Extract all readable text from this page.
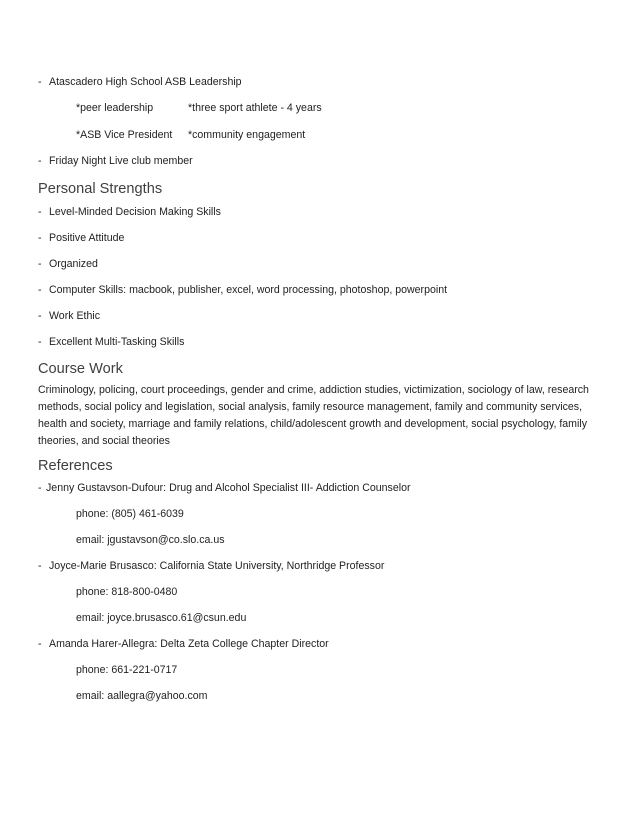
- Atascadero High School ASB Leadership
*peer leadership	*three sport athlete - 4 years
*ASB Vice President *community engagement
- Friday Night Live club member
Personal Strengths
- Level-Minded Decision Making Skills
- Positive Attitude
- Organized
- Computer Skills: macbook, publisher, excel, word processing, photoshop, powerpoint
- Work Ethic
- Excellent Multi-Tasking Skills
Course Work
Criminology, policing, court proceedings, gender and crime, addiction studies, victimization, sociology of law, research methods, social policy and legislation, social analysis, family resource management, family and community services, health and society, marriage and family relations, child/adolescent growth and development, social psychology, family theories, and social theories
References
- Jenny Gustavson-Dufour: Drug and Alcohol Specialist III- Addiction Counselor
phone: (805) 461-6039
email: jgustavson@co.slo.ca.us
- Joyce-Marie Brusasco: California State University, Northridge Professor
phone: 818-800-0480
email: joyce.brusasco.61@csun.edu
- Amanda Harer-Allegra: Delta Zeta College Chapter Director
phone: 661-221-0717
email: aallegra@yahoo.com
